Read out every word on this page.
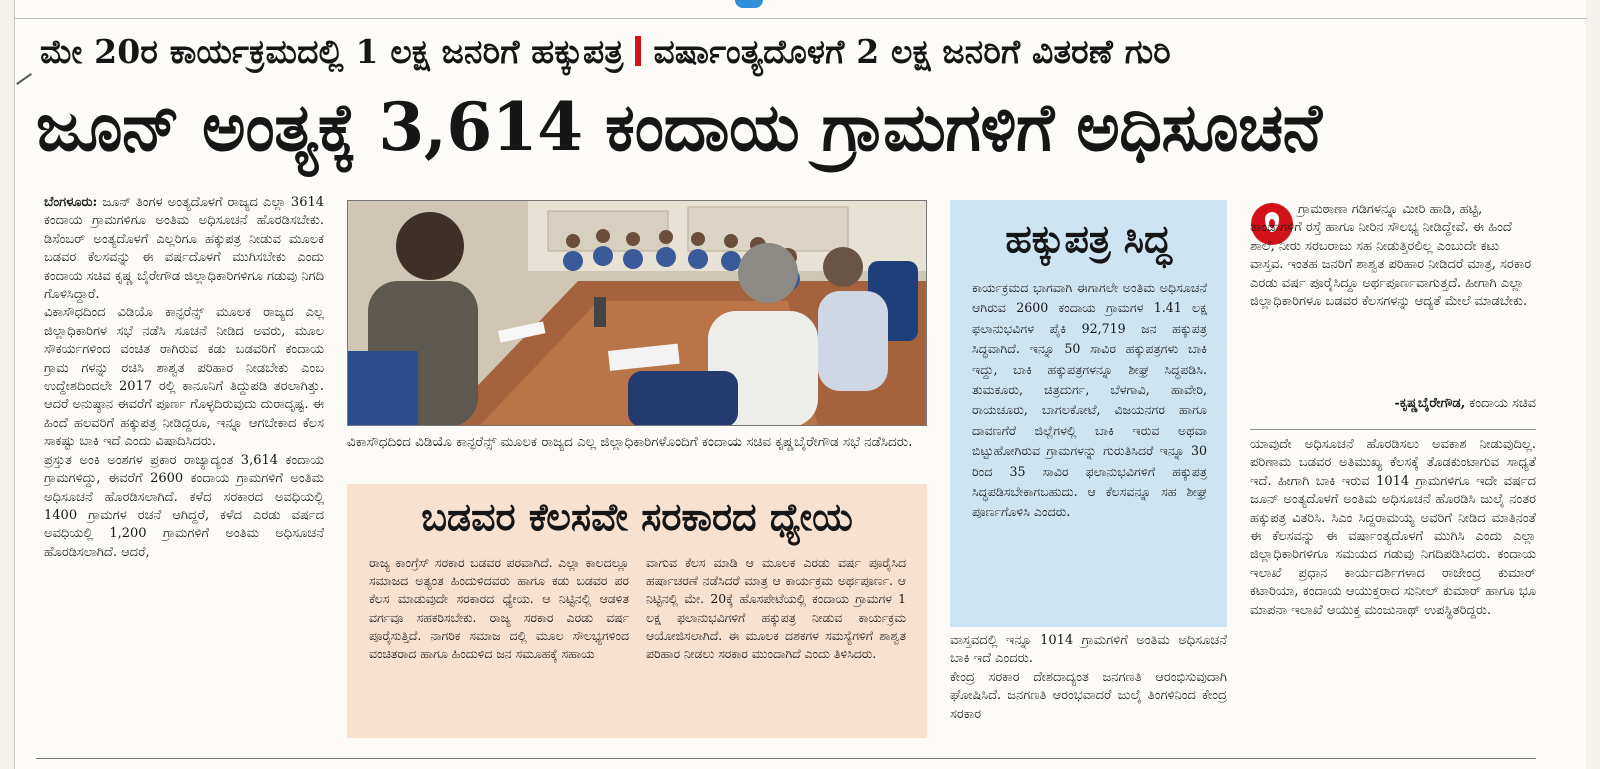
ಮೇ 20ರ ಕಾರ್ಯಕ್ರಮದಲ್ಲಿ 1 ಲಕ್ಷ ಜನರಿಗೆ ಹಕ್ಕುಪತ್ರ ವರ್ಷಾಂತ್ಯದೊಳಗೆ 2 ಲಕ್ಷ ಜನರಿಗೆ ವಿತರಣೆ ಗುರಿ
ಜೂನ್ ಅಂತ್ಯಕ್ಕೆ 3,614 ಕಂದಾಯ ಗ್ರಾಮಗಳಿಗೆ ಅಧಿಸೂಚನೆ
ಬೆಂಗಳೂರು: ಜೂನ್ ತಿಂಗಳ ಅಂತ್ಯದೊಳಗೆ ರಾಜ್ಯದ ಎಲ್ಲಾ 3614 ಕಂದಾಯ ಗ್ರಾಮಗಳಿಗೂ ಅಂತಿಮ ಅಧಿಸೂಚನೆ ಹೊರಡಿಸಬೇಕು. ಡಿಸೆಂಬರ್ ಅಂತ್ಯದೊಳಗೆ ಎಲ್ಲರಿಗೂ ಹಕ್ಕುಪತ್ರ ನೀಡುವ ಮೂಲಕ ಬಡವರ ಕೆಲಸವನ್ನು ಈ ವರ್ಷದೊಳಗೆ ಮುಗಿಸಬೇಕು ಎಂದು ಕಂದಾಯ ಸಚಿವ ಕೃಷ್ಣ ಬೈರೇಗೌಡ ಜಿಲ್ಲಾಧಿಕಾರಿಗಳಿಗೂ ಗಡುವು ನಿಗದಿ ಗೊಳಿಸಿದ್ದಾರೆ.
ವಿಕಾಸೌಧದಿಂದ ವಿಡಿಯೊ ಕಾನ್ಫರೆನ್ಸ್ ಮೂಲಕ ರಾಜ್ಯದ ಎಲ್ಲ ಜಿಲ್ಲಾಧಿಕಾರಿಗಳ ಸಭೆ ನಡೆಸಿ ಸೂಚನೆ ನೀಡಿದ ಅವರು, ಮೂಲ ಸೌಕರ್ಯಗಳಿಂದ ವಂಚಿತ ರಾಗಿರುವ ಕಡು ಬಡವರಿಗೆ ಕಂದಾಯ ಗ್ರಾಮ ಗಳನ್ನು ರಚಿಸಿ ಶಾಶ್ವತ ಪರಿಹಾರ ನೀಡಬೇಕು ಎಂಬ ಉದ್ದೇಶದಿಂದಲೇ 2017 ರಲ್ಲಿ ಕಾನೂನಿಗೆ ತಿದ್ದುಪಡಿ ತರಲಾಗಿತ್ತು. ಆದರೆ ಅನುಷ್ಠಾನ ಈವರೆಗೆ ಪೂರ್ಣ ಗೊಳ್ಳದಿರುವುದು ದುರಾದೃಷ್ಟ. ಈ ಹಿಂದೆ ಹಲವರಿಗೆ ಹಕ್ಕುಪತ್ರ ನೀಡಿದ್ದರೂ, ಇನ್ನೂ ಆಗಬೇಕಾದ ಕೆಲಸ ಸಾಕಷ್ಟು ಬಾಕಿ ಇದೆ ಎಂದು ವಿಷಾದಿಸಿದರು.
ಪ್ರಸ್ತುತ ಅಂಕಿ ಅಂಶಗಳ ಪ್ರಕಾರ ರಾಜ್ಯಾದ್ಯಂತ 3,614 ಕಂದಾಯ ಗ್ರಾಮಗಳಿದ್ದು, ಈವರೆಗೆ 2600 ಕಂದಾಯ ಗ್ರಾಮಗಳಿಗೆ ಅಂತಿಮ ಅಧಿಸೂಚನೆ ಹೊರಡಿಸಲಾಗಿದೆ. ಕಳೆದ ಸರಕಾರದ ಅವಧಿಯಲ್ಲಿ 1400 ಗ್ರಾಮಗಳ ರಚನೆ ಆಗಿದ್ದರೆ, ಕಳೆದ ಎರಡು ವರ್ಷದ ಅವಧಿಯಲ್ಲಿ 1,200 ಗ್ರಾಮಗಳಿಗೆ ಅಂತಿಮ ಅಧಿಸೂಚನೆ ಹೊರಡಿಸಲಾಗಿದೆ. ಆದರೆ,
ವಿಕಾಸೌಧದಿಂದ ವಿಡಿಯೊ ಕಾನ್ಫರೆನ್ಸ್ ಮೂಲಕ ರಾಜ್ಯದ ಎಲ್ಲ ಜಿಲ್ಲಾಧಿಕಾರಿಗಳೊಂದಿಗೆ ಕಂದಾಯ ಸಚಿವ ಕೃಷ್ಣಬೈರೇಗೌಡ ಸಭೆ ನಡೆಸಿದರು.
ಬಡವರ ಕೆಲಸವೇ ಸರಕಾರದ ಧ್ಯೇಯ
ರಾಜ್ಯ ಕಾಂಗ್ರೆಸ್ ಸರಕಾರ ಬಡವರ ಪರವಾಗಿದೆ. ಎಲ್ಲಾ ಕಾಲದಲ್ಲೂ ಸಮಾಜದ ಅತ್ಯಂತ ಹಿಂದುಳಿದವರು ಹಾಗೂ ಕಡು ಬಡವರ ಪರ ಕೆಲಸ ಮಾಡುವುದೇ ಸರಕಾರದ ಧ್ಯೇಯ. ಆ ನಿಟ್ಟಿನಲ್ಲಿ ಆಡಳಿತ ವರ್ಗವೂ ಸಹಕರಿಸಬೇಕು. ರಾಜ್ಯ ಸರಕಾರ ಎರಡು ವರ್ಷ ಪೂರೈಸುತ್ತಿದೆ. ನಾಗರಿಕ ಸಮಾಜ ದಲ್ಲಿ ಮೂಲ ಸೌಲಭ್ಯಗಳಿಂದ ವಂಚಿತರಾದ ಹಾಗೂ ಹಿಂದುಳಿದ ಜನ ಸಮೂಹಕ್ಕೆ ಸಹಾಯ
ವಾಗುವ ಕೆಲಸ ಮಾಡಿ ಆ ಮೂಲಕ ಎರಡು ವರ್ಷ ಪೂರೈಸಿದ ಹರ್ಷಾಚರಣೆ ನಡೆಸಿದರೆ ಮಾತ್ರ ಆ ಕಾರ್ಯಕ್ರಮ ಅರ್ಥಪೂರ್ಣ. ಆ ನಿಟ್ಟಿನಲ್ಲಿ ಮೇ. 20ಕ್ಕೆ ಹೊಸಪೇಟೆಯಲ್ಲಿ ಕಂದಾಯ ಗ್ರಾಮಗಳ 1 ಲಕ್ಷ ಫಲಾನುಭವಿಗಳಿಗೆ ಹಕ್ಕುಪತ್ರ ನೀಡುವ ಕಾರ್ಯಕ್ರಮ ಆಯೋಜಿಸಲಾಗಿದೆ. ಈ ಮೂಲಕ ದಶಕಗಳ ಸಮಸ್ಯೆಗಳಿಗೆ ಶಾಶ್ವತ ಪರಿಹಾರ ನೀಡಲು ಸರಕಾರ ಮುಂದಾಗಿದೆ ಎಂದು ತಿಳಿಸಿದರು.
ಹಕ್ಕುಪತ್ರ ಸಿದ್ಧ
ಕಾರ್ಯಕ್ರಮದ ಭಾಗವಾಗಿ ಈಗಾಗಲೇ ಅಂತಿಮ ಅಧಿಸೂಚನೆ ಆಗಿರುವ 2600 ಕಂದಾಯ ಗ್ರಾಮಗಳ 1.41 ಲಕ್ಷ ಫಲಾನುಭವಿಗಳ ಪೈಕಿ 92,719 ಜನ ಹಕ್ಕುಪತ್ರ ಸಿದ್ಧವಾಗಿದೆ. ಇನ್ನೂ 50 ಸಾವಿರ ಹಕ್ಕುಪತ್ರಗಳು ಬಾಕಿ ಇದ್ದು, ಬಾಕಿ ಹಕ್ಕುಪತ್ರಗಳನ್ನೂ ಶೀಘ್ರ ಸಿದ್ಧಪಡಿಸಿ. ತುಮಕೂರು, ಚಿತ್ರದುರ್ಗ, ಬೆಳಗಾವಿ, ಹಾವೇರಿ, ರಾಯಚೂರು, ಬಾಗಲಕೋಟೆ, ವಿಜಯನಗರ ಹಾಗೂ ದಾವಣಗೆರೆ ಜಿಲ್ಲೆಗಳಲ್ಲಿ ಬಾಕಿ ಇರುವ ಅಥವಾ ಬಿಟ್ಟುಹೋಗಿರುವ ಗ್ರಾಮಗಳನ್ನು ಗುರುತಿಸಿದರೆ ಇನ್ನೂ 30 ರಿಂದ 35 ಸಾವಿರ ಫಲಾನುಭವಿಗಳಿಗೆ ಹಕ್ಕುಪತ್ರ ಸಿದ್ಧಪಡಿಸಬೇಕಾಗಬಹುದು. ಆ ಕೆಲಸವನ್ನೂ ಸಹ ಶೀಘ್ರ ಪೂರ್ಣಗೊಳಿಸಿ ಎಂದರು.
ವಾಸ್ತವದಲ್ಲಿ ಇನ್ನೂ 1014 ಗ್ರಾಮಗಳಿಗೆ ಅಂತಿಮ ಅಧಿಸೂಚನೆ ಬಾಕಿ ಇದೆ ಎಂದರು.
ಕೇಂದ್ರ ಸರಕಾರ ದೇಶದಾದ್ಯಂತ ಜನಗಣತಿ ಆರಂಭಿಸುವುದಾಗಿ ಘೋಷಿಸಿದೆ. ಜನಗಣತಿ ಆರಂಭವಾದರೆ ಜುಲೈ ತಿಂಗಳಿನಿಂದ ಕೇಂದ್ರ ಸರಕಾರ
ಗ್ರಾಮಠಾಣಾ ಗಡಿಗಳನ್ನೂ ಮೀರಿ ಹಾಡಿ, ಹಟ್ಟಿ, ತಾಂಡಾಗಳಿಗೆ ರಸ್ತೆ ಹಾಗೂ ನೀರಿನ ಸೌಲಭ್ಯ ನೀಡಿದ್ದೇವೆ. ಈ ಹಿಂದೆ ಶಾಲೆ, ನೀರು ಸರಬರಾಜು ಸಹ ನೀಡುತ್ತಿರಲಿಲ್ಲ ಎಂಬುದೇ ಕಟು ವಾಸ್ತವ. ಇಂತಹ ಜನರಿಗೆ ಶಾಶ್ವತ ಪರಿಹಾರ ನೀಡಿದರೆ ಮಾತ್ರ, ಸರಕಾರ ಎರಡು ವರ್ಷ ಪೂರೈಸಿದ್ದೂ ಅರ್ಥಪೂರ್ಣವಾಗುತ್ತದೆ. ಹೀಗಾಗಿ ಎಲ್ಲಾ ಜಿಲ್ಲಾಧಿಕಾರಿಗಳೂ ಬಡವರ ಕೆಲಸಗಳನ್ನು ಆದ್ಯತೆ ಮೇಲೆ ಮಾಡಬೇಕು.
-ಕೃಷ್ಣಬೈರೇಗೌಡ, ಕಂದಾಯ ಸಚಿವ
ಯಾವುದೇ ಅಧಿಸೂಚನೆ ಹೊರಡಿಸಲು ಅವಕಾಶ ನೀಡುವುದಿಲ್ಲ. ಪರಿಣಾಮ ಬಡವರ ಅತಿಮುಖ್ಯ ಕೆಲಸಕ್ಕೆ ತೊಡಕುಂಟಾಗುವ ಸಾಧ್ಯತೆ ಇದೆ. ಹೀಗಾಗಿ ಬಾಕಿ ಇರುವ 1014 ಗ್ರಾಮಗಳಿಗೂ ಇದೇ ವರ್ಷದ ಜೂನ್ ಅಂತ್ಯದೊಳಗೆ ಅಂತಿಮ ಅಧಿಸೂಚನೆ ಹೊರಡಿಸಿ ಜುಲೈ ನಂತರ ಹಕ್ಕುಪತ್ರ ವಿತರಿಸಿ. ಸಿಎಂ ಸಿದ್ದರಾಮಯ್ಯ ಅವರಿಗೆ ನೀಡಿದ ಮಾತಿನಂತೆ ಈ ಕೆಲಸವನ್ನು ಈ ವರ್ಷಾಂತ್ಯದೊಳಗೆ ಮುಗಿಸಿ ಎಂದು ಎಲ್ಲಾ ಜಿಲ್ಲಾಧಿಕಾರಿಗಳಿಗೂ ಸಮಯದ ಗಡುವು ನಿಗದಿಪಡಿಸಿದರು. ಕಂದಾಯ ಇಲಾಖೆ ಪ್ರಧಾನ ಕಾರ್ಯದರ್ಶಿಗಳಾದ ರಾಜೇಂದ್ರ ಕುಮಾರ್ ಕಟಾರಿಯಾ, ಕಂದಾಯ ಆಯುಕ್ತರಾದ ಸುನೀಲ್ ಕುಮಾರ್ ಹಾಗೂ ಭೂ ಮಾಪನಾ ಇಲಾಖೆ ಆಯುಕ್ತ ಮಂಜುನಾಥ್ ಉಪಸ್ಥಿತರಿದ್ದರು.
